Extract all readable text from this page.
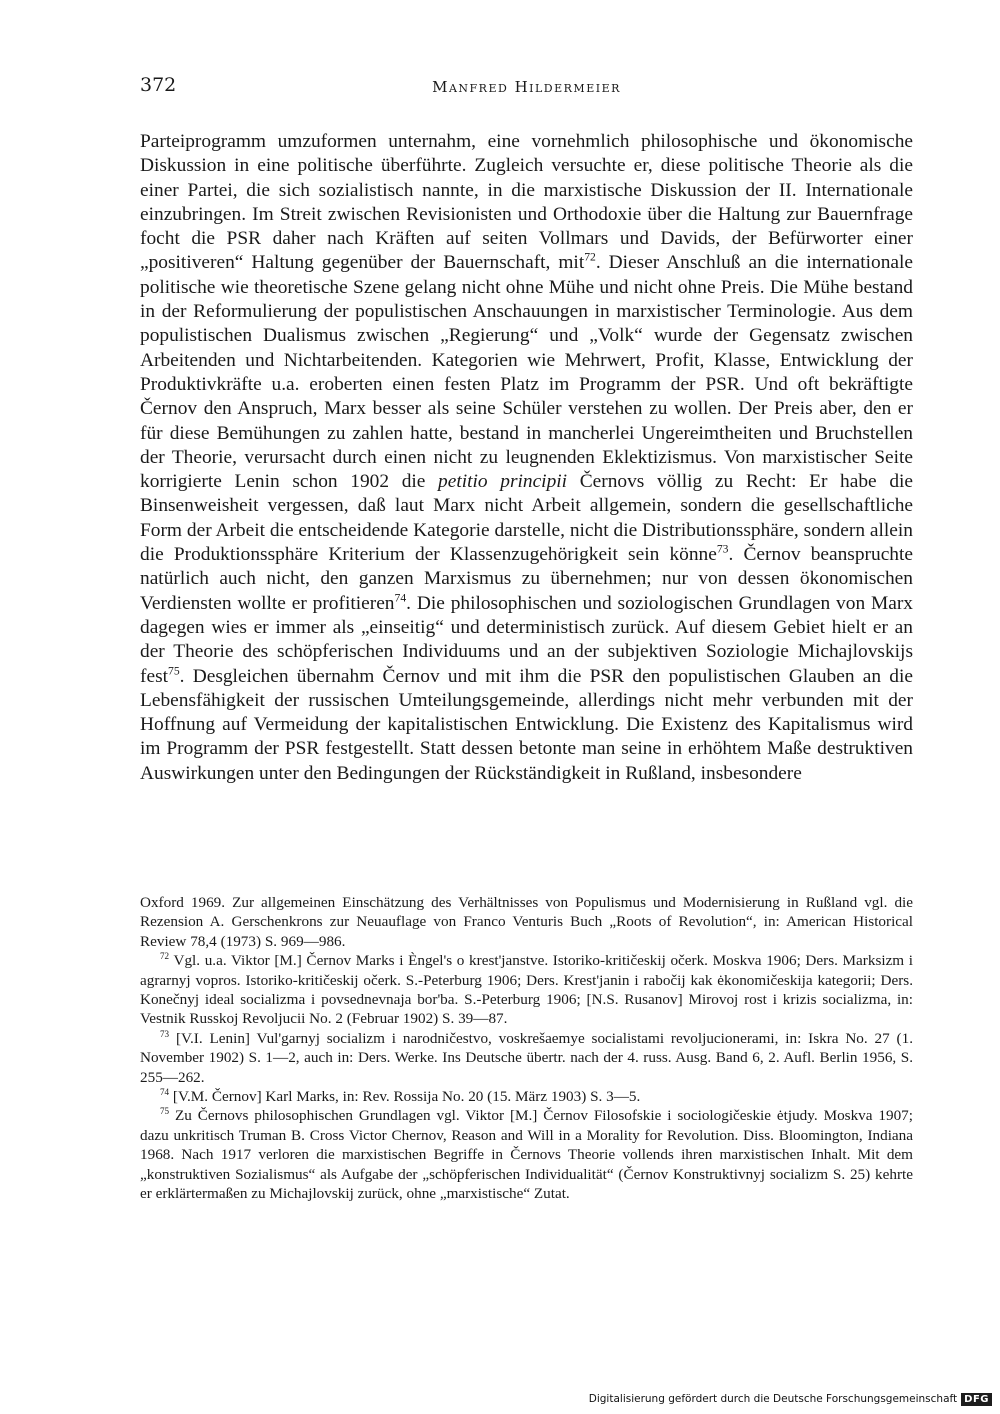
372	Manfred Hildermeier

Parteiprogramm umzuformen unternahm, eine vornehmlich philosophische und ökonomische Diskussion in eine politische überführte. Zugleich versuchte er, diese politische Theorie als die einer Partei, die sich sozialistisch nannte, in die marxistische Diskussion der II. Internationale einzubringen. Im Streit zwischen Revisionisten und Orthodoxie über die Haltung zur Bauernfrage focht die PSR daher nach Kräften auf seiten Vollmars und Davids, der Befürworter einer „positiveren“ Haltung gegenüber der Bauernschaft, mit$^{72}$. Dieser Anschluß an die internationale politische wie theoretische Szene gelang nicht ohne Mühe und nicht ohne Preis. Die Mühe bestand in der Reformulierung der populistischen Anschauungen in marxistischer Terminologie. Aus dem populistischen Dualismus zwischen „Regierung“ und „Volk“ wurde der Gegensatz zwischen Arbeitenden und Nichtarbeitenden. Kategorien wie Mehrwert, Profit, Klasse, Entwicklung der Produktivkräfte u.a. eroberten einen festen Platz im Programm der PSR. Und oft bekräftigte Černov den Anspruch, Marx besser als seine Schüler verstehen zu wollen. Der Preis aber, den er für diese Bemühungen zu zahlen hatte, bestand in mancherlei Ungereimtheiten und Bruchstellen der Theorie, verursacht durch einen nicht zu leugnenden Eklektizismus. Von marxistischer Seite korrigierte Lenin schon 1902 die petitio principii Černovs völlig zu Recht: Er habe die Binsenweisheit vergessen, daß laut Marx nicht Arbeit allgemein, sondern die gesellschaftliche Form der Arbeit die entscheidende Kategorie darstelle, nicht die Distributionssphäre, sondern allein die Produktionssphäre Kriterium der Klassenzugehörigkeit sein könne$^{73}$. Černov beanspruchte natürlich auch nicht, den ganzen Marxismus zu übernehmen; nur von dessen ökonomischen Verdiensten wollte er profitieren$^{74}$. Die philosophischen und soziologischen Grundlagen von Marx dagegen wies er immer als „einseitig“ und deterministisch zurück. Auf diesem Gebiet hielt er an der Theorie des schöpferischen Individuums und an der subjektiven Soziologie Michajlovskijs fest$^{75}$. Desgleichen übernahm Černov und mit ihm die PSR den populistischen Glauben an die Lebensfähigkeit der russischen Umteilungsgemeinde, allerdings nicht mehr verbunden mit der Hoffnung auf Vermeidung der kapitalistischen Entwicklung. Die Existenz des Kapitalismus wird im Programm der PSR festgestellt. Statt dessen betonte man seine in erhöhtem Maße destruktiven Auswirkungen unter den Bedingungen der Rückständigkeit in Rußland, insbesondere

Oxford 1969. Zur allgemeinen Einschätzung des Verhältnisses von Populismus und Modernisierung in Rußland vgl. die Rezension A. Gerschenkrons zur Neuauflage von Franco Venturis Buch „Roots of Revolution“, in: American Historical Review 78,4 (1973) S. 969—986.

$^{72}$ Vgl. u.a. Viktor [M.] Černov Marks i Èngel's o krest'janstve. Istoriko-kritičeskij očerk. Moskva 1906; Ders. Marksizm i agrarnyj vopros. Istoriko-kritičeskij očerk. S.-Peterburg 1906; Ders. Krest'janin i rabočij kak ėkonomičeskija kategorii; Ders. Konečnyj ideal socializma i povsednevnaja bor'ba. S.-Peterburg 1906; [N.S. Rusanov] Mirovoj rost i krizis socializma, in: Vestnik Russkoj Revoljucii No. 2 (Februar 1902) S. 39—87.

$^{73}$ [V.I. Lenin] Vul'garnyj socializm i narodničestvo, voskrešaemye socialistami revoljucionerami, in: Iskra No. 27 (1. November 1902) S. 1—2, auch in: Ders. Werke. Ins Deutsche übertr. nach der 4. russ. Ausg. Band 6, 2. Aufl. Berlin 1956, S. 255—262.

$^{74}$ [V.M. Černov] Karl Marks, in: Rev. Rossija No. 20 (15. März 1903) S. 3—5.

$^{75}$ Zu Černovs philosophischen Grundlagen vgl. Viktor [M.] Černov Filosofskie i sociologičeskie ėtjudy. Moskva 1907; dazu unkritisch Truman B. Cross Victor Chernov, Reason and Will in a Morality for Revolution. Diss. Bloomington, Indiana 1968. Nach 1917 verloren die marxistischen Begriffe in Černovs Theorie vollends ihren marxistischen Inhalt. Mit dem „konstruktiven Sozialismus“ als Aufgabe der „schöpferischen Individualität“ (Černov Konstruktivnyj socializm S. 25) kehrte er erklärtermaßen zu Michajlovskij zurück, ohne „marxistische“ Zutat.

Digitalisierung gefördert durch die Deutsche Forschungsgemeinschaft DFG
